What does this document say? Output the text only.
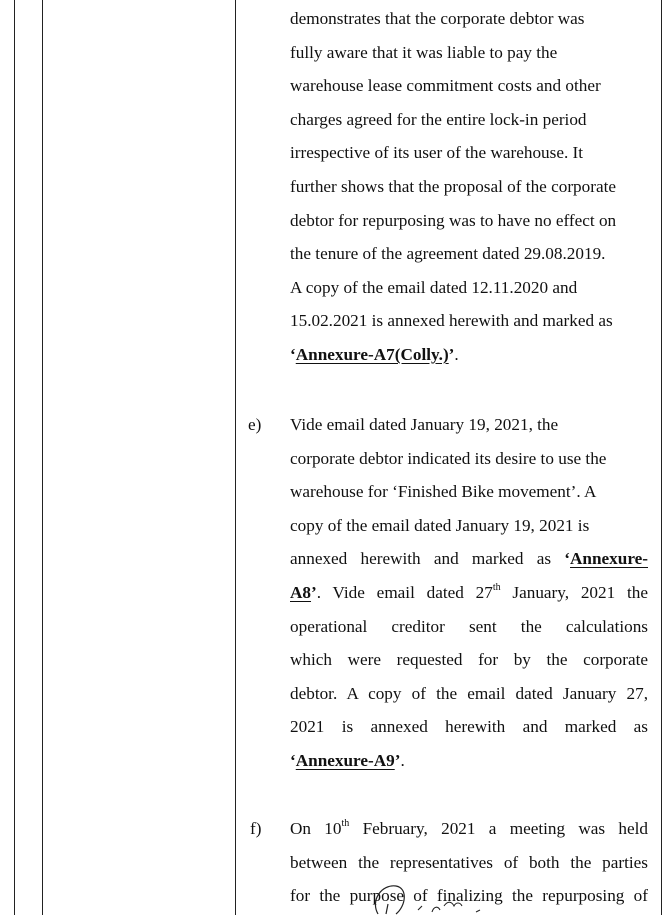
demonstrates that the corporate debtor was

fully aware that it was liable to pay the

warehouse lease commitment costs and other

charges agreed for the entire lock-in period

irrespective of its user of the warehouse. It

further shows that the proposal of the corporate

debtor for repurposing was to have no effect on

the tenure of the agreement dated 29.08.2019.

A copy of the email dated 12.11.2020 and

15.02.2021 is annexed herewith and marked as

‘Annexure-A7(Colly.)’.

e) Vide email dated January 19, 2021, the

corporate debtor indicated its desire to use the

warehouse for ‘Finished Bike movement’. A

copy of the email dated January 19, 2021 is

annexed herewith and marked as ‘Annexure-

A8’. Vide email dated 27th January, 2021 the

operational creditor sent the calculations

which were requested for by the corporate

debtor. A copy of the email dated January 27,

2021 is annexed herewith and marked as

‘Annexure-A9’.

f) On 10th February, 2021 a meeting was held

between the representatives of both the parties

for the purpose of finalizing the repurposing of
